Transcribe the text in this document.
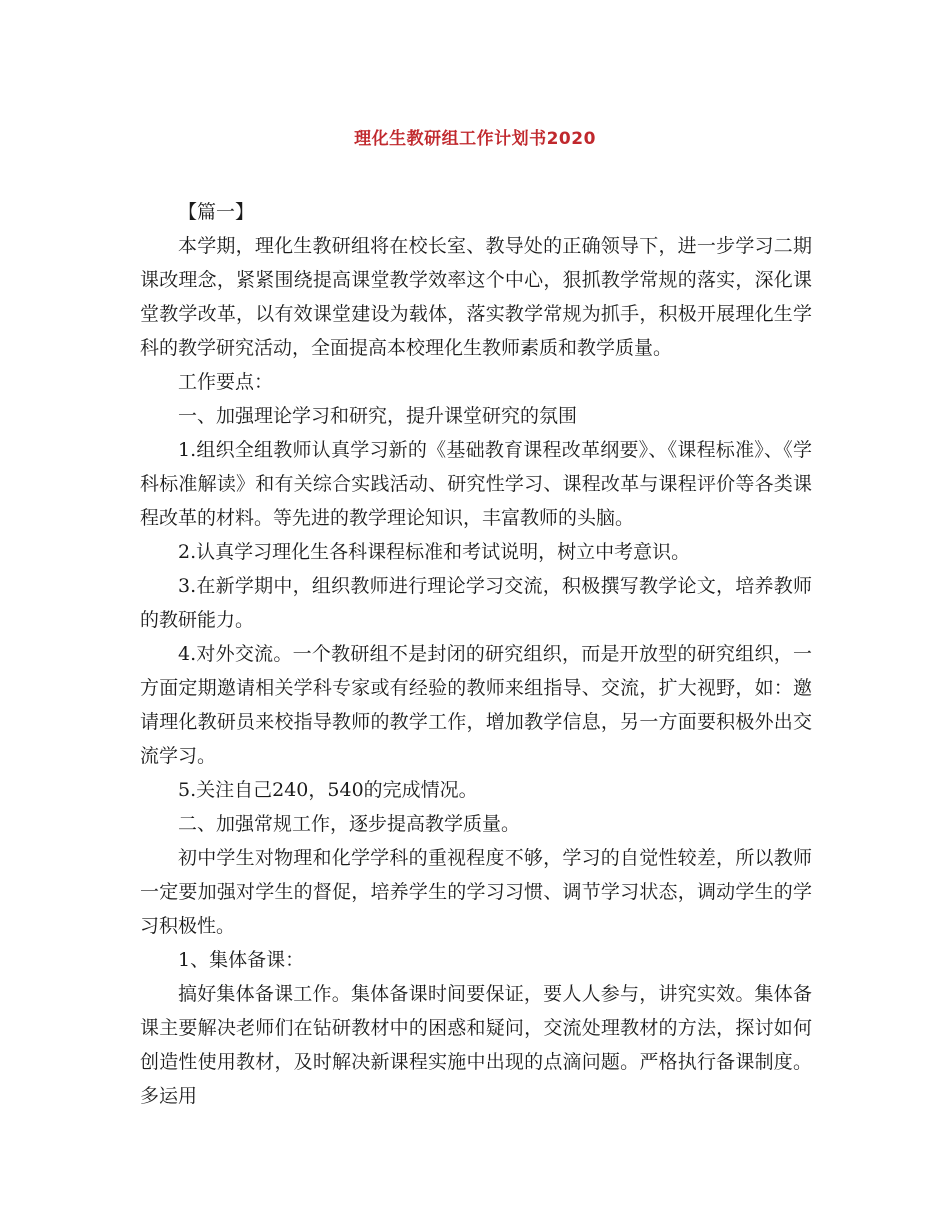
理化生教研组工作计划书2020

【篇一】

本学期，理化生教研组将在校长室、教导处的正确领导下，进一步学习二期课改理念，紧紧围绕提高课堂教学效率这个中心，狠抓教学常规的落实，深化课堂教学改革，以有效课堂建设为载体，落实教学常规为抓手，积极开展理化生学科的教学研究活动，全面提高本校理化生教师素质和教学质量。

工作要点：

一、加强理论学习和研究，提升课堂研究的氛围

1.组织全组教师认真学习新的《基础教育课程改革纲要》、《课程标准》、《学科标准解读》和有关综合实践活动、研究性学习、课程改革与课程评价等各类课程改革的材料。等先进的教学理论知识，丰富教师的头脑。

2.认真学习理化生各科课程标准和考试说明，树立中考意识。

3.在新学期中，组织教师进行理论学习交流，积极撰写教学论文，培养教师的教研能力。

4.对外交流。一个教研组不是封闭的研究组织，而是开放型的研究组织，一方面定期邀请相关学科专家或有经验的教师来组指导、交流，扩大视野，如：邀请理化教研员来校指导教师的教学工作，增加教学信息，另一方面要积极外出交流学习。

5.关注自己240，540的完成情况。

二、加强常规工作，逐步提高教学质量。

初中学生对物理和化学学科的重视程度不够，学习的自觉性较差，所以教师一定要加强对学生的督促，培养学生的学习习惯、调节学习状态，调动学生的学习积极性。

1、集体备课：

搞好集体备课工作。集体备课时间要保证，要人人参与，讲究实效。集体备课主要解决老师们在钻研教材中的困惑和疑问，交流处理教材的方法，探讨如何创造性使用教材，及时解决新课程实施中出现的点滴问题。严格执行备课制度。多运用
